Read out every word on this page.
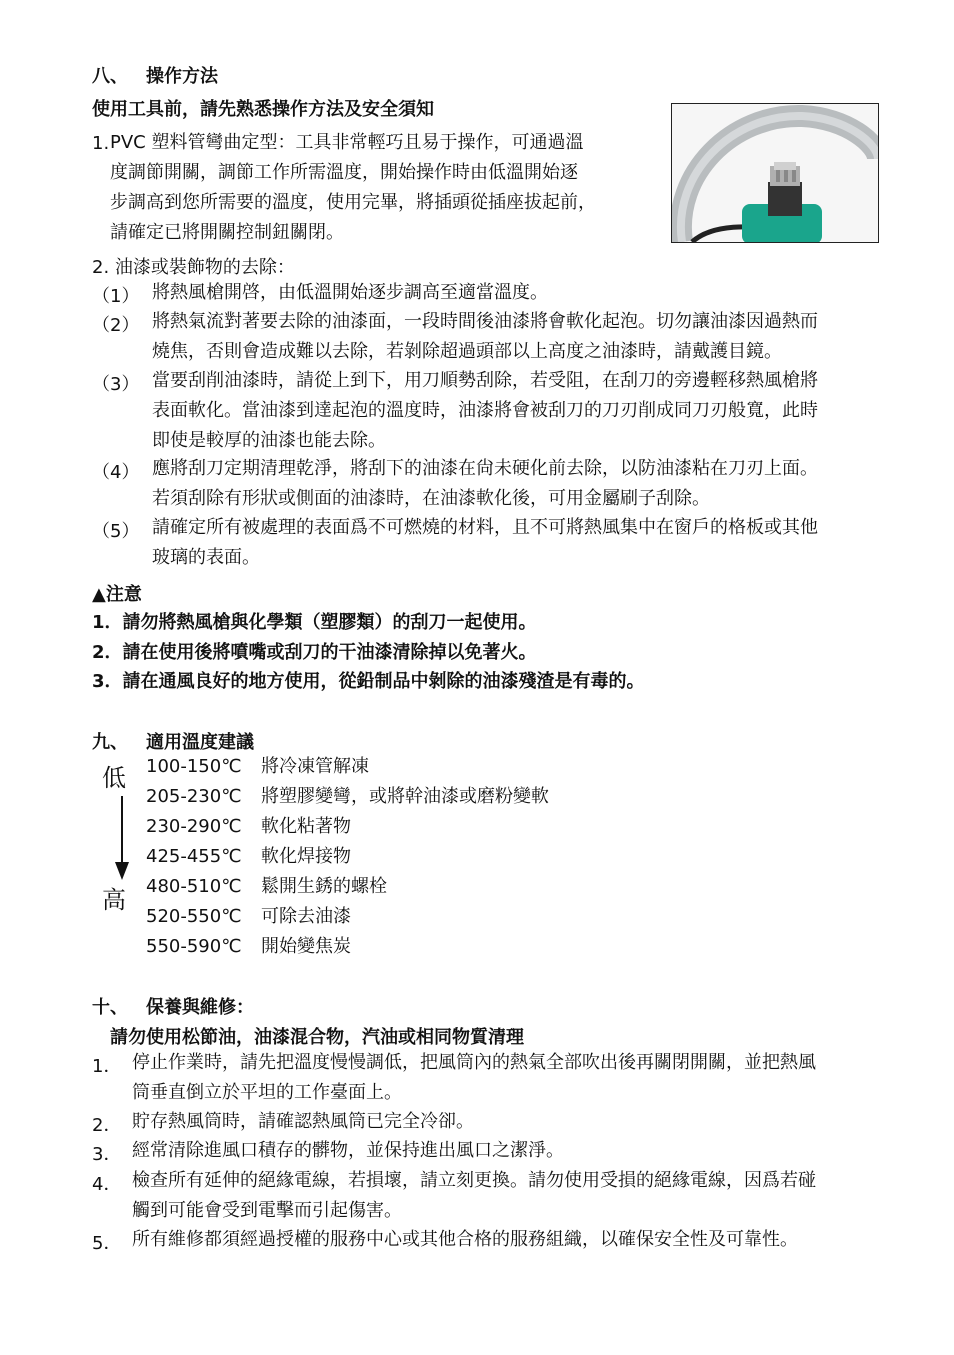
八、 操作方法
使用工具前，請先熟悉操作方法及安全須知
1. PVC 塑料管彎曲定型：工具非常輕巧且易于操作，可通過溫
度調節開關，調節工作所需溫度，開始操作時由低溫開始逐
步調高到您所需要的溫度，使用完畢，將插頭從插座拔起前，
請確定已將開關控制鈕關閉。
2. 油漆或裝飾物的去除：
（1） 將熱風槍開啓，由低溫開始逐步調高至適當溫度。
（2） 將熱氣流對著要去除的油漆面，一段時間後油漆將會軟化起泡。切勿讓油漆因過熱而
燒焦，否則會造成難以去除，若剝除超過頭部以上高度之油漆時，請戴護目鏡。
（3） 當要刮削油漆時，請從上到下，用刀順勢刮除，若受阻，在刮刀的旁邊輕移熱風槍將
表面軟化。當油漆到達起泡的溫度時，油漆將會被刮刀的刀刃削成同刀刃般寬，此時
即使是較厚的油漆也能去除。
（4） 應將刮刀定期清理乾淨，將刮下的油漆在尙未硬化前去除，以防油漆粘在刀刃上面。
若須刮除有形狀或側面的油漆時，在油漆軟化後，可用金屬刷子刮除。
（5） 請確定所有被處理的表面爲不可燃燒的材料，且不可將熱風集中在窗戶的格板或其他
玻璃的表面。
▲注意
1．請勿將熱風槍與化學類（塑膠類）的刮刀一起使用。
2．請在使用後將噴嘴或刮刀的干油漆清除掉以免著火。
3．請在通風良好的地方使用，從鉛制品中剝除的油漆殘渣是有毒的。
九、 適用溫度建議
低
高
100-150℃
205-230℃
230-290℃
425-455℃
480-510℃
520-550℃
550-590℃
將冷凍管解凍
將塑膠變彎，或將幹油漆或磨粉變軟
軟化粘著物
軟化焊接物
鬆開生銹的螺栓
可除去油漆
開始變焦炭
十、 保養與維修：
請勿使用松節油，油漆混合物，汽油或相同物質清理
1． 停止作業時，請先把溫度慢慢調低，把風筒內的熱氣全部吹出後再關閉開關，並把熱風
筒垂直倒立於平坦的工作臺面上。
2． 貯存熱風筒時，請確認熱風筒已完全冷卻。
3． 經常清除進風口積存的髒物，並保持進出風口之潔淨。
4． 檢查所有延伸的絕緣電線，若損壞，請立刻更換。請勿使用受損的絕緣電線，因爲若碰
觸到可能會受到電擊而引起傷害。
5． 所有維修都須經過授權的服務中心或其他合格的服務組織，以確保安全性及可靠性。
